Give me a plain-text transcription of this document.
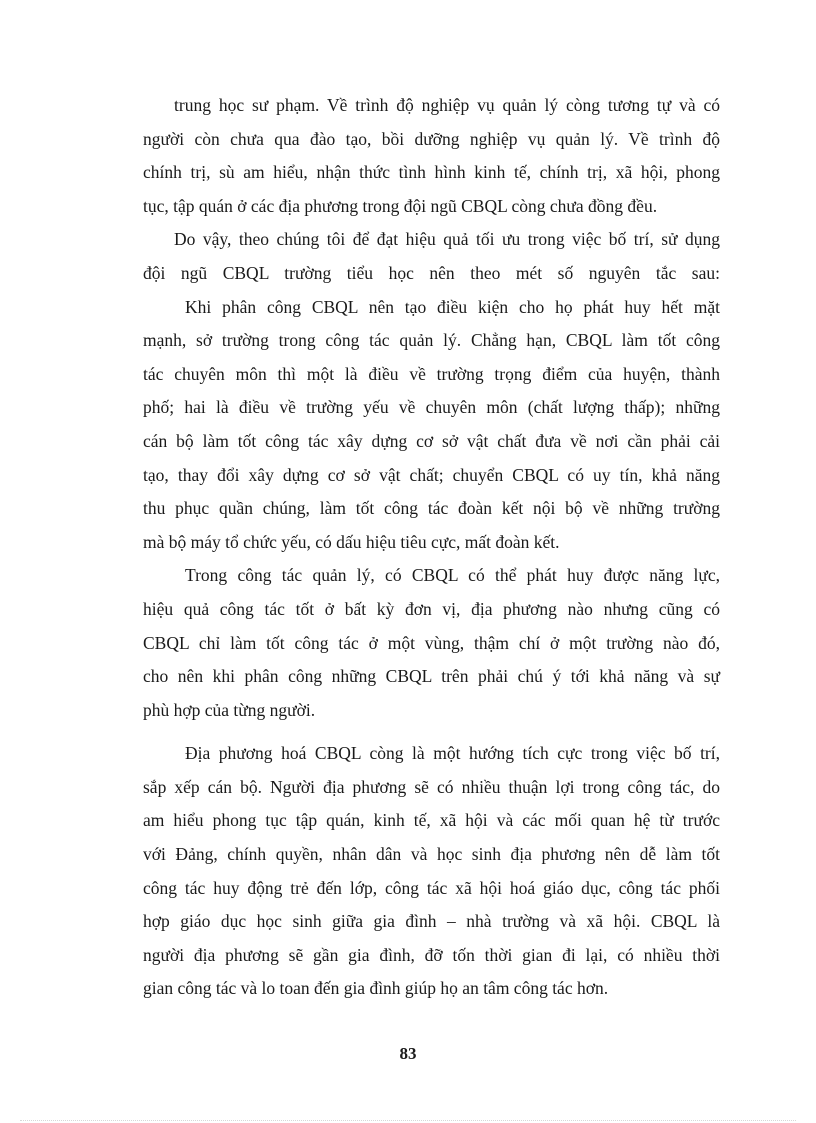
trung học sư phạm. Về trình độ nghiệp vụ quản lý còng tương tự và có
người còn chưa qua đào tạo, bồi dưỡng nghiệp vụ quản lý. Về trình độ
chính trị, sù am hiểu, nhận thức tình hình kinh tế, chính trị, xã hội, phong
tục, tập quán ở các địa phương trong đội ngũ CBQL còng chưa đồng đều.
Do vậy, theo chúng tôi để đạt hiệu quả tối ưu trong việc bố trí, sử dụng
đội ngũ CBQL trường tiểu học nên theo mét số nguyên tắc sau:
Khi phân công CBQL nên tạo điều kiện cho họ phát huy hết mặt
mạnh, sở trường trong công tác quản lý. Chẳng hạn, CBQL làm tốt công
tác chuyên môn thì một là điều về trường trọng điểm của huyện, thành
phố; hai là điều về trường yếu về chuyên môn (chất lượng thấp); những
cán bộ làm tốt công tác xây dựng cơ sở vật chất đưa về nơi cần phải cải
tạo, thay đổi xây dựng cơ sở vật chất; chuyển CBQL có uy tín, khả năng
thu phục quần chúng, làm tốt công tác đoàn kết nội bộ về những trường
mà bộ máy tổ chức yếu, có dấu hiệu tiêu cực, mất đoàn kết.
Trong công tác quản lý, có CBQL có thể phát huy được năng lực,
hiệu quả công tác tốt ở bất kỳ đơn vị, địa phương nào nhưng cũng có
CBQL chỉ làm tốt công tác ở một vùng, thậm chí ở một trường nào đó,
cho nên khi phân công những CBQL trên phải chú ý tới khả năng và sự
phù hợp của từng người.
Địa phương hoá CBQL còng là một hướng tích cực trong việc bố trí,
sắp xếp cán bộ. Người địa phương sẽ có nhiều thuận lợi trong công tác, do
am hiểu phong tục tập quán, kinh tế, xã hội và các mối quan hệ từ trước
với Đảng, chính quyền, nhân dân và học sinh địa phương nên dễ làm tốt
công tác huy động trẻ đến lớp, công tác xã hội hoá giáo dục, công tác phối
hợp giáo dục học sinh giữa gia đình – nhà trường và xã hội. CBQL là
người địa phương sẽ gần gia đình, đỡ tốn thời gian đi lại, có nhiều thời
gian công tác và lo toan đến gia đình giúp họ an tâm công tác hơn.
83
